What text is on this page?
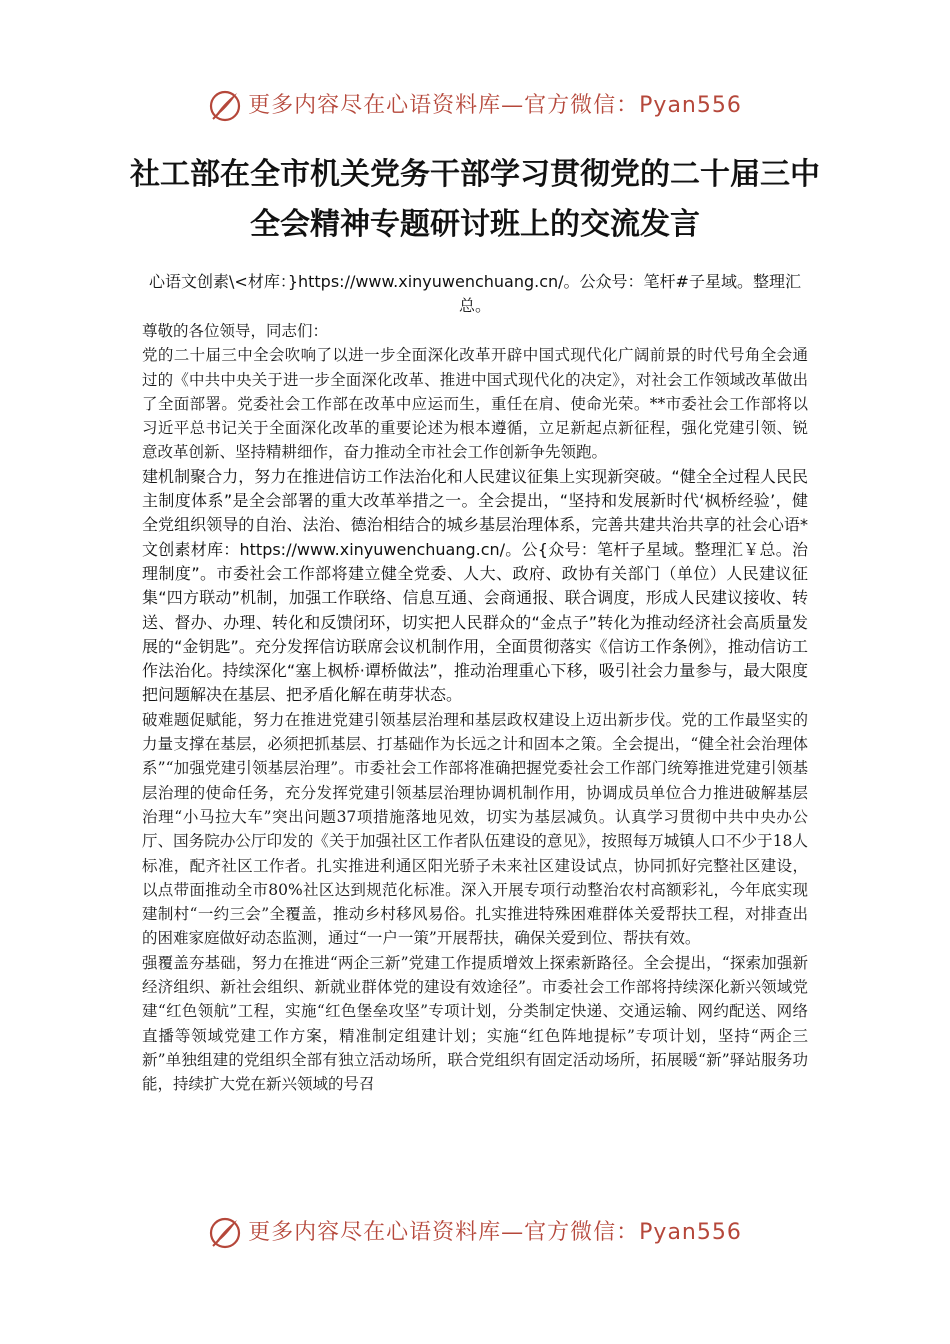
更多内容尽在心语资料库—官方微信：Pyan556
社工部在全市机关党务干部学习贯彻党的二十届三中全会精神专题研讨班上的交流发言
心语文创素\<材库：}https://www.xinyuwenchuang.cn/。公众号：笔杆#子星域。整理汇总。

尊敬的各位领导，同志们：

党的二十届三中全会吹响了以进一步全面深化改革开辟中国式现代化广阔前景的时代号角全会通过的《中共中央关于进一步全面深化改革、推进中国式现代化的决定》，对社会工作领域改革做出了全面部署。党委社会工作部在改革中应运而生，重任在肩、使命光荣。**市委社会工作部将以习近平总书记关于全面深化改革的重要论述为根本遵循，立足新起点新征程，强化党建引领、锐意改革创新、坚持精耕细作，奋力推动全市社会工作创新争先领跑。

建机制聚合力，努力在推进信访工作法治化和人民建议征集上实现新突破。“健全全过程人民民主制度体系”是全会部署的重大改革举措之一。全会提出，“坚持和发展新时代‘枫桥经验’，健全党组织领导的自治、法治、德治相结合的城乡基层治理体系，完善共建共治共享的社会心语*文创素材库：https://www.xinyuwenchuang.cn/。公{众号：笔杆子星域。整理汇￥总。治理制度”。市委社会工作部将建立健全党委、人大、政府、政协有关部门（单位）人民建议征集“四方联动”机制，加强工作联络、信息互通、会商通报、联合调度，形成人民建议接收、转送、督办、办理、转化和反馈闭环，切实把人民群众的“金点子”转化为推动经济社会高质量发展的“金钥匙”。充分发挥信访联席会议机制作用，全面贯彻落实《信访工作条例》，推动信访工作法治化。持续深化“塞上枫桥·谭桥做法”，推动治理重心下移，吸引社会力量参与，最大限度把问题解决在基层、把矛盾化解在萌芽状态。

破难题促赋能，努力在推进党建引领基层治理和基层政权建设上迈出新步伐。党的工作最坚实的力量支撑在基层，必须把抓基层、打基础作为长远之计和固本之策。全会提出，“健全社会治理体系”“加强党建引领基层治理”。市委社会工作部将准确把握党委社会工作部门统筹推进党建引领基层治理的使命任务，充分发挥党建引领基层治理协调机制作用，协调成员单位合力推进破解基层治理“小马拉大车”突出问题37项措施落地见效，切实为基层减负。认真学习贯彻中共中央办公厅、国务院办公厅印发的《关于加强社区工作者队伍建设的意见》，按照每万城镇人口不少于18人标准，配齐社区工作者。扎实推进利通区阳光骄子未来社区建设试点，协同抓好完整社区建设，以点带面推动全市80%社区达到规范化标准。深入开展专项行动整治农村高额彩礼，今年底实现建制村“一约三会”全覆盖，推动乡村移风易俗。扎实推进特殊困难群体关爱帮扶工程，对排查出的困难家庭做好动态监测，通过“一户一策”开展帮扶，确保关爱到位、帮扶有效。

强覆盖夯基础，努力在推进“两企三新”党建工作提质增效上探索新路径。全会提出，“探索加强新经济组织、新社会组织、新就业群体党的建设有效途径”。市委社会工作部将持续深化新兴领域党建“红色领航”工程，实施“红色堡垒攻坚”专项计划，分类制定快递、交通运输、网约配送、网络直播等领域党建工作方案，精准制定组建计划；实施“红色阵地提标”专项计划，坚持“两企三新”单独组建的党组织全部有独立活动场所，联合党组织有固定活动场所，拓展暖“新”驿站服务功能，持续扩大党在新兴领域的号召

更多内容尽在心语资料库—官方微信：Pyan556
